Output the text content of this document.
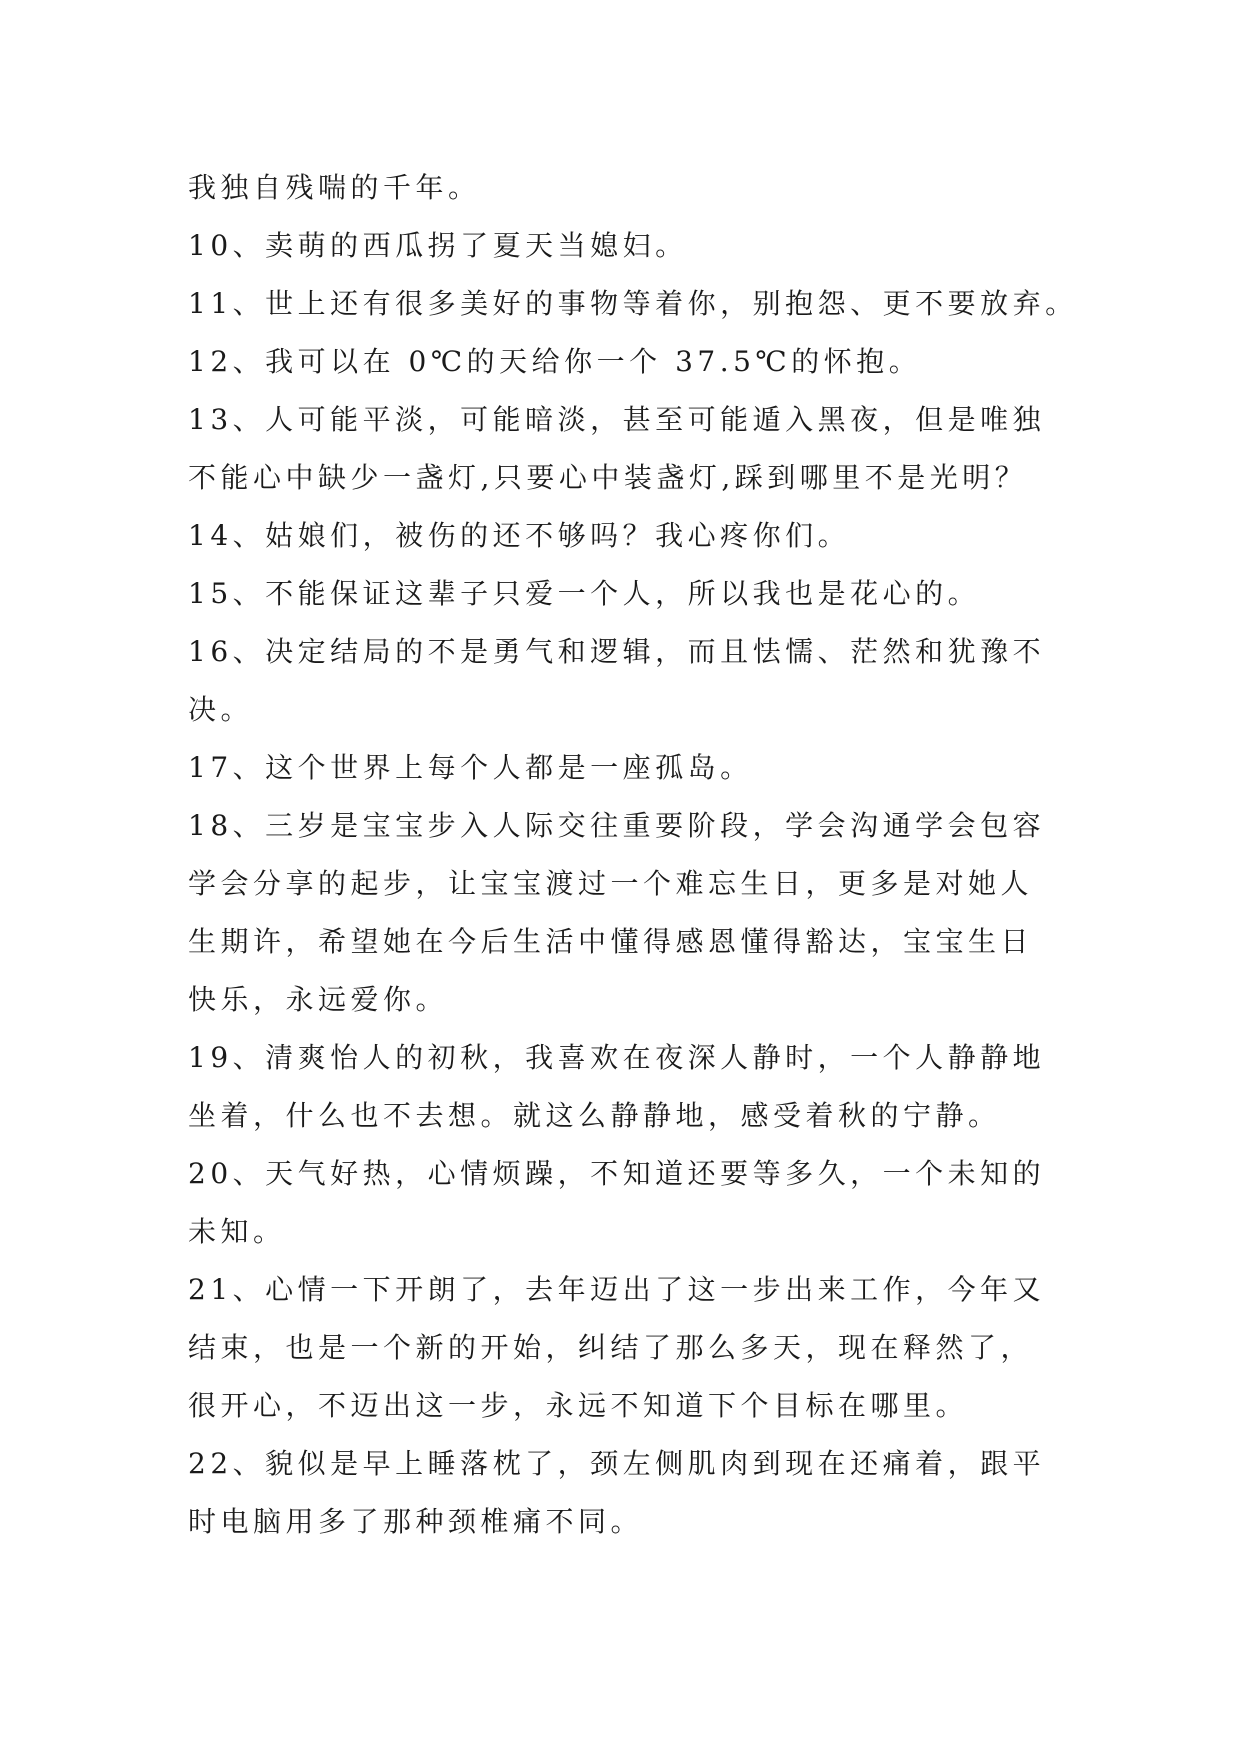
我独自残喘的千年。
10、卖萌的西瓜拐了夏天当媳妇。
11、世上还有很多美好的事物等着你，别抱怨、更不要放弃。
12、我可以在 0℃的天给你一个 37.5℃的怀抱。
13、人可能平淡，可能暗淡，甚至可能遁入黑夜，但是唯独
不能心中缺少一盏灯,只要心中装盏灯,踩到哪里不是光明？
14、姑娘们，被伤的还不够吗？我心疼你们。
15、不能保证这辈子只爱一个人，所以我也是花心的。
16、决定结局的不是勇气和逻辑，而且怯懦、茫然和犹豫不
决。
17、这个世界上每个人都是一座孤岛。
18、三岁是宝宝步入人际交往重要阶段，学会沟通学会包容
学会分享的起步，让宝宝渡过一个难忘生日，更多是对她人
生期许，希望她在今后生活中懂得感恩懂得豁达，宝宝生日
快乐，永远爱你。
19、清爽怡人的初秋，我喜欢在夜深人静时，一个人静静地
坐着，什么也不去想。就这么静静地，感受着秋的宁静。
20、天气好热，心情烦躁，不知道还要等多久，一个未知的
未知。
21、心情一下开朗了，去年迈出了这一步出来工作，今年又
结束，也是一个新的开始，纠结了那么多天，现在释然了，
很开心，不迈出这一步，永远不知道下个目标在哪里。
22、貌似是早上睡落枕了，颈左侧肌肉到现在还痛着，跟平
时电脑用多了那种颈椎痛不同。
